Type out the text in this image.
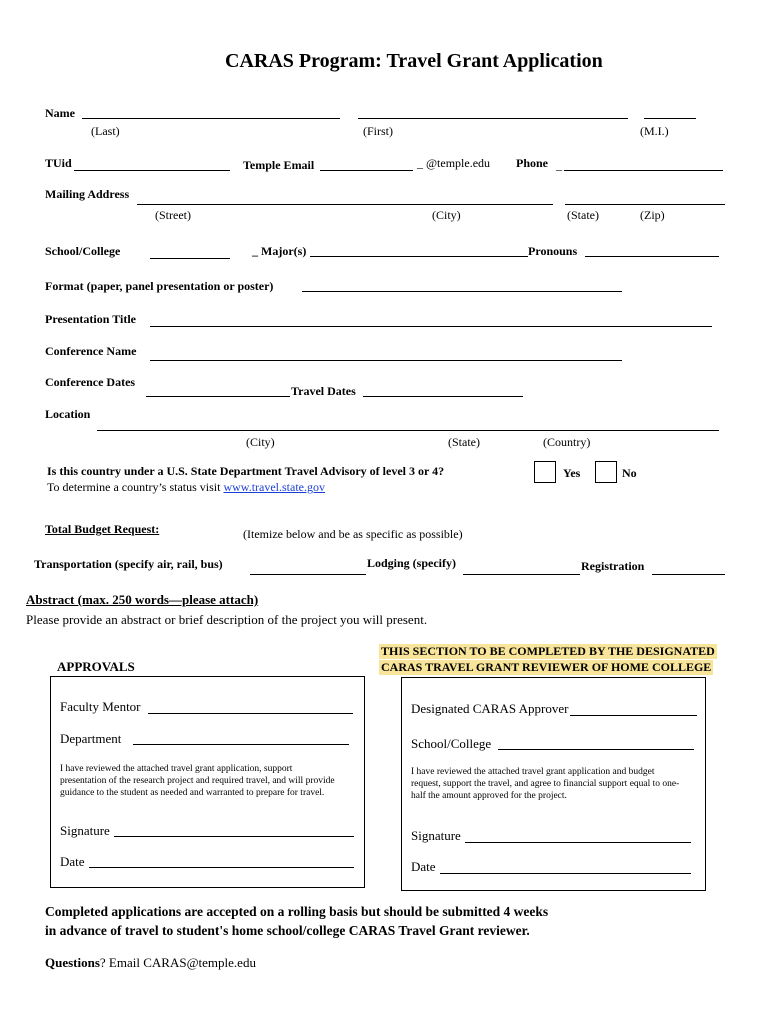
CARAS Program: Travel Grant Application
Name
(Last)	(First)	(M.I.)
TUid	Temple Email	_ @temple.edu Phone _
Mailing Address
(Street)	(City)	(State)	(Zip)
School/College	_ Major(s)	Pronouns
Format (paper, panel presentation or poster)
Presentation Title
Conference Name
Conference Dates
Travel Dates
Location
(City)	(State)	(Country)
Is this country under a U.S. State Department Travel Advisory of level 3 or 4?
To determine a country’s status visit www.travel.state.gov
Yes	No
Total Budget Request:	(Itemize below and be as specific as possible)
Transportation (specify air, rail, bus)	Lodging (specify)	Registration
Abstract (max. 250 words—please attach)
Please provide an abstract or brief description of the project you will present.
THIS SECTION TO BE COMPLETED BY THE DESIGNATED
CARAS TRAVEL GRANT REVIEWER OF HOME COLLEGE
APPROVALS
Faculty Mentor
Department
I have reviewed the attached travel grant application, support presentation of the research project and required travel, and will provide guidance to the student as needed and warranted to prepare for travel.
Signature
Date
Designated CARAS Approver
School/College
I have reviewed the attached travel grant application and budget request, support the travel, and agree to financial support equal to one-half the amount approved for the project.
Signature
Date
Completed applications are accepted on a rolling basis but should be submitted 4 weeks
in advance of travel to student's home school/college CARAS Travel Grant reviewer.
Questions? Email CARAS@temple.edu
